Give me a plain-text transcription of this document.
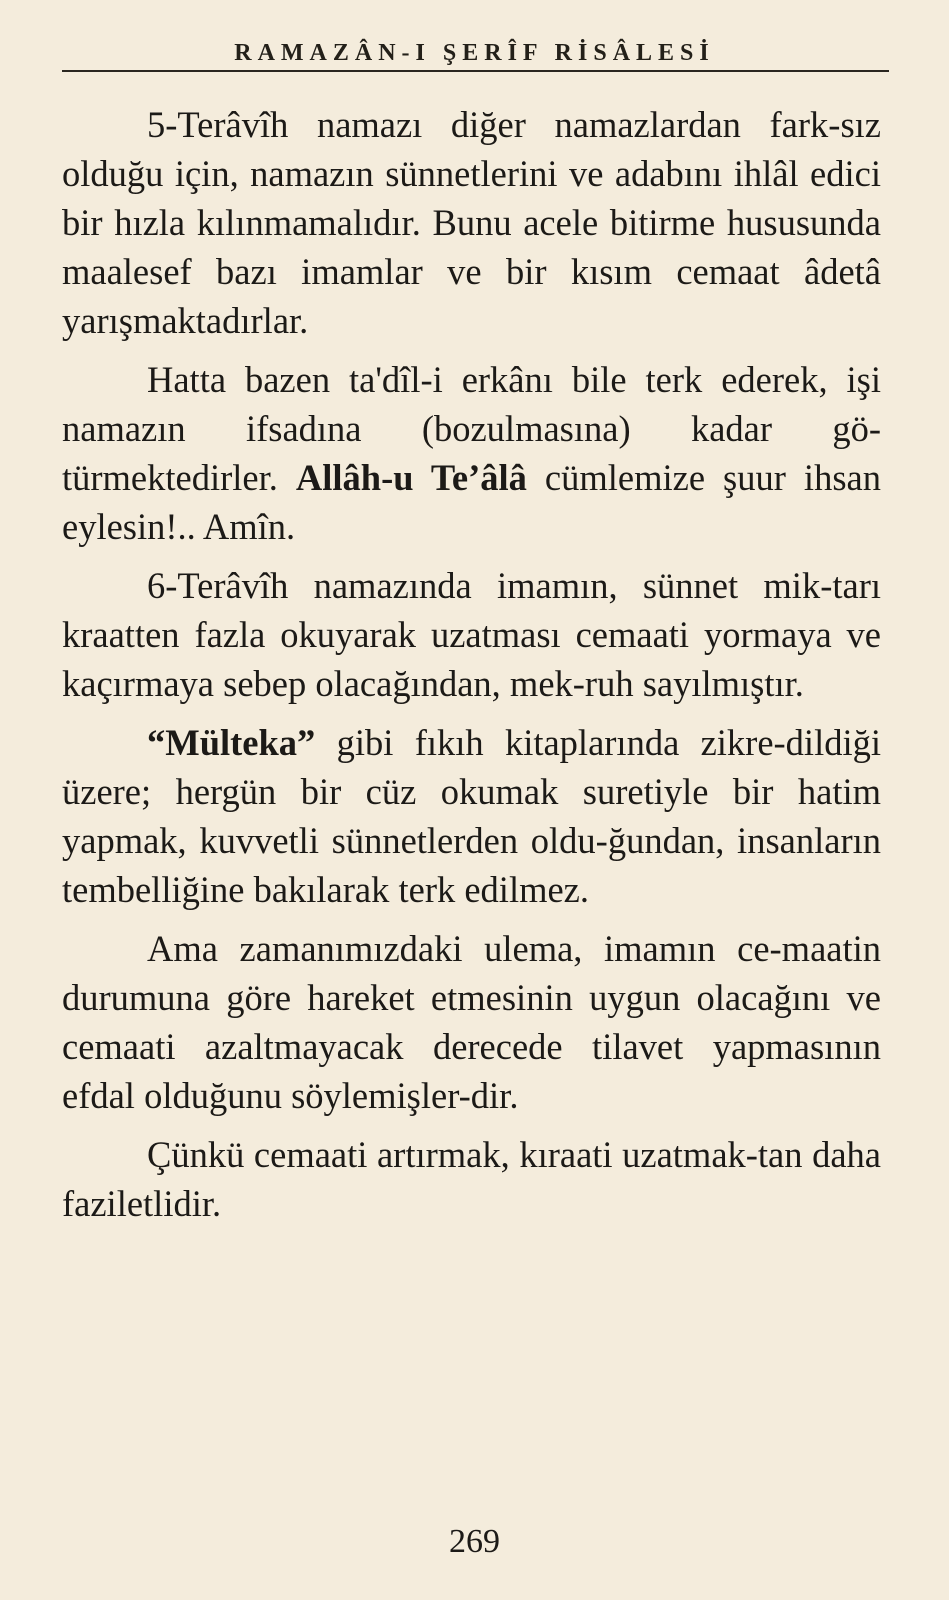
RAMAZÂN-I ŞERÎF RİSÂLESİ

5-Terâvîh namazı diğer namazlardan fark-sız olduğu için, namazın sünnetlerini ve adabını ihlâl edici bir hızla kılınmamalıdır. Bunu acele bitirme hususunda maalesef bazı imamlar ve bir kısım cemaat âdetâ yarışmaktadırlar.

Hatta bazen ta'dîl-i erkânı bile terk ederek, işi namazın ifsadına (bozulmasına) kadar gö-türmektedirler. Allâh-u Te’âlâ cümlemize şuur ihsan eylesin!.. Amîn.

6-Terâvîh namazında imamın, sünnet mik-tarı kraatten fazla okuyarak uzatması cemaati yormaya ve kaçırmaya sebep olacağından, mek-ruh sayılmıştır.

“Mülteka” gibi fıkıh kitaplarında zikre-dildiği üzere; hergün bir cüz okumak suretiyle bir hatim yapmak, kuvvetli sünnetlerden oldu-ğundan, insanların tembelliğine bakılarak terk edilmez.

Ama zamanımızdaki ulema, imamın ce-maatin durumuna göre hareket etmesinin uygun olacağını ve cemaati azaltmayacak derecede tilavet yapmasının efdal olduğunu söylemişler-dir.

Çünkü cemaati artırmak, kıraati uzatmak-tan daha faziletlidir.

269
